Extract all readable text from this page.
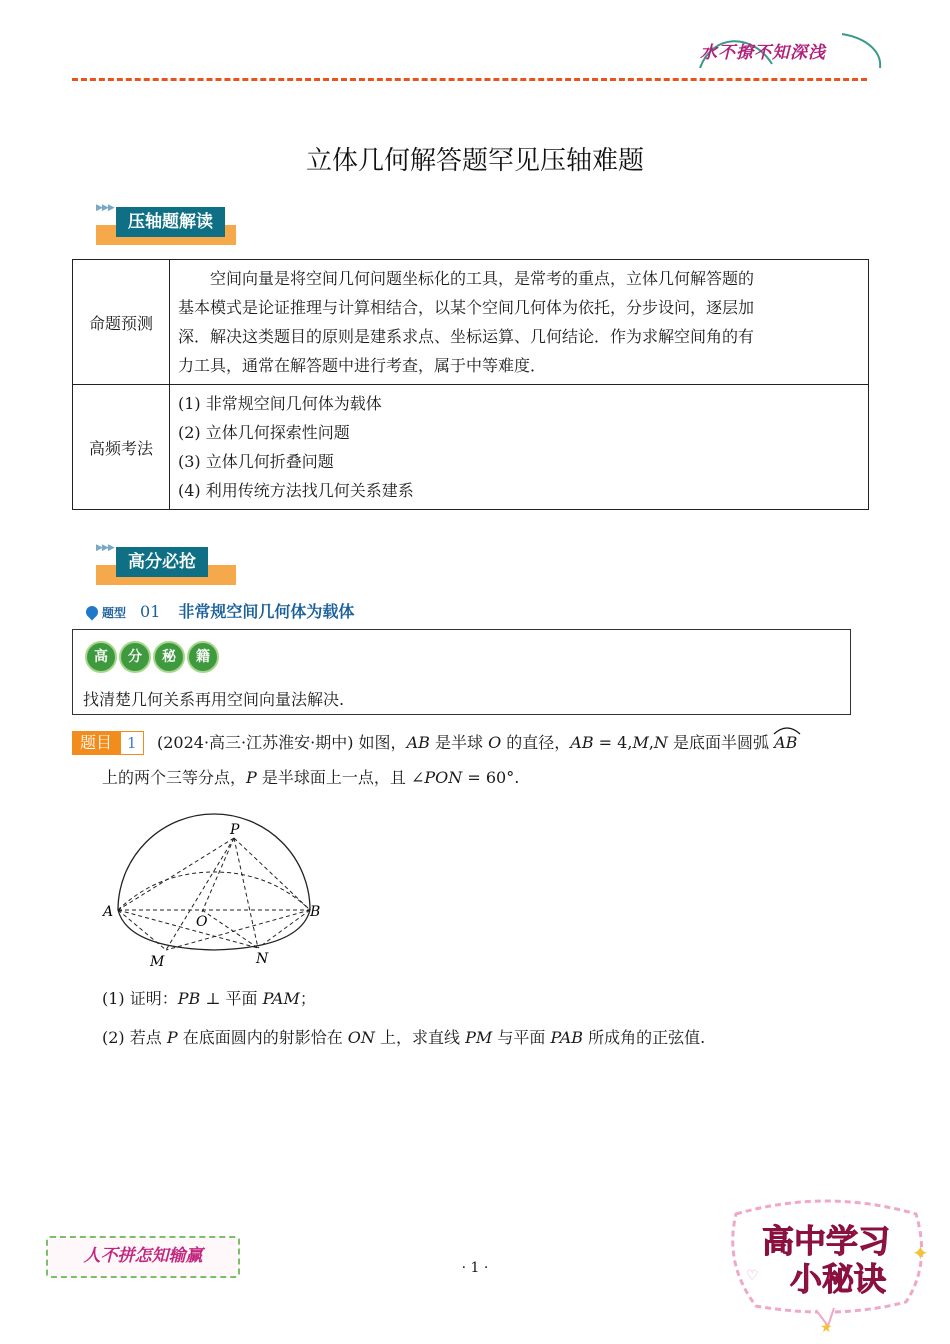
水不撩不知深浅
立体几何解答题罕见压轴难题
▶▶▶
压轴题解读
命题预测	空间向量是将空间几何问题坐标化的工具，是常考的重点，立体几何解答题的

基本模式是论证推理与计算相结合，以某个空间几何体为依托，分步设问，逐层加

深．解决这类题目的原则是建系求点、坐标运算、几何结论．作为求解空间角的有

力工具，通常在解答题中进行考查，属于中等难度．

高频考法	(1) 非常规空间几何体为载体

(2) 立体几何探索性问题

(3) 立体几何折叠问题

(4) 利用传统方法找几何关系建系

▶▶▶
高分必抢
题型 01 非常规空间几何体为载体
高	分	秘	籍
找清楚几何关系再用空间向量法解决.
题目	1	(2024·高三·江苏淮安·期中) 如图，AB 是半球 O 的直径，AB = 4,M,N 是底面半圆弧
AB
上的两个三等分点，P 是半球面上一点，且 ∠PON = 60°.
P
A	B
O
M	N
(1) 证明：PB ⊥ 平面 PAM；
(2) 若点 P 在底面圆内的射影恰在 ON 上，求直线 PM 与平面 PAB 所成角的正弦值.
人不拼怎知输赢
· 1 ·
高中学习
小秘诀
✦
♡
★
